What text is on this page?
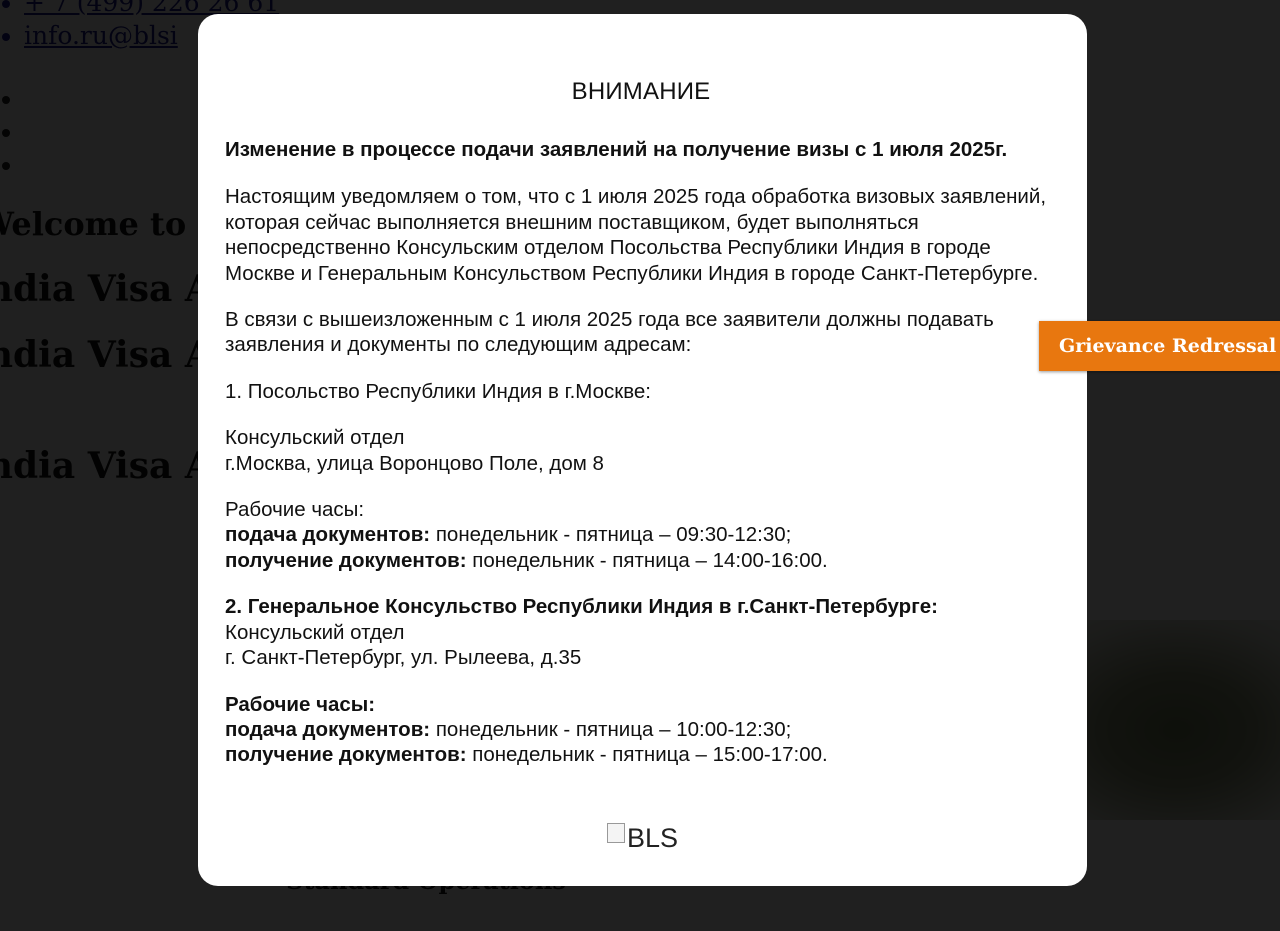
•
•
ВНИМАНИЕ

Изменение в процессе подачи заявлений на получение визы с 1 июля 2025г.

Настоящим уведомляем о том, что с 1 июля 2025 года обработка визовых заявлений, которая сейчас выполняется внешним поставщиком, будет выполняться непосредственно Консульским отделом Посольства Республики Индия в городе Москве и Генеральным Консульством Республики Индия в городе Санкт-Петербурге.

В связи с вышеизложенным с 1 июля 2025 года все заявители должны подавать заявления и документы по следующим адресам:

1. Посольство Республики Индия в г.Москве:

Консульский отдел
г.Москва, улица Воронцово Поле, дом 8

Рабочие часы:
подача документов: понедельник - пятница – 09:30-12:30;
получение документов: понедельник - пятница – 14:00-16:00.

2. Генеральное Консульство Республики Индия в г.Санкт-Петербурге:
Консульский отдел
г. Санкт-Петербург, ул. Рылеева, д.35

Рабочие часы:
подача документов: понедельник - пятница – 10:00-12:30;
получение документов: понедельник - пятница – 15:00-17:00.

BLS
Grievance Redressal
